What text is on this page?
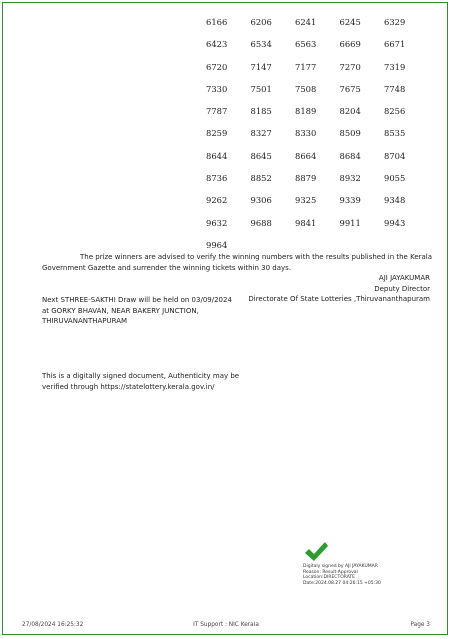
6166	6206	6241	6245	6329
6423	6534	6563	6669	6671
6720	7147	7177	7270	7319
7330	7501	7508	7675	7748
7787	8185	8189	8204	8256
8259	8327	8330	8509	8535
8644	8645	8664	8684	8704
8736	8852	8879	8932	9055
9262	9306	9325	9339	9348
9632	9688	9841	9911	9943
9964
The prize winners are advised to verify the winning numbers with the results published in the Kerala Government Gazette and surrender the winning tickets within 30 days.
AJI JAYAKUMAR
Deputy Director
Directorate Of State Lotteries ,Thiruvananthapuram
Next STHREE-SAKTHI Draw will be held on 03/09/2024
at GORKY BHAVAN, NEAR BAKERY JUNCTION,
THIRUVANANTHAPURAM
This is a digitally signed document, Authenticity may be
verified through https://statelottery.kerala.gov.in/
Digitaly signed by AJI JAYAKUMAR
Reason: Result-Approval
Location:DIRECTORATE
Date:2024.08.27 04:26:15 +05:30
27/08/2024 16:25:32	IT Support : NIC Kerala	Page 3
